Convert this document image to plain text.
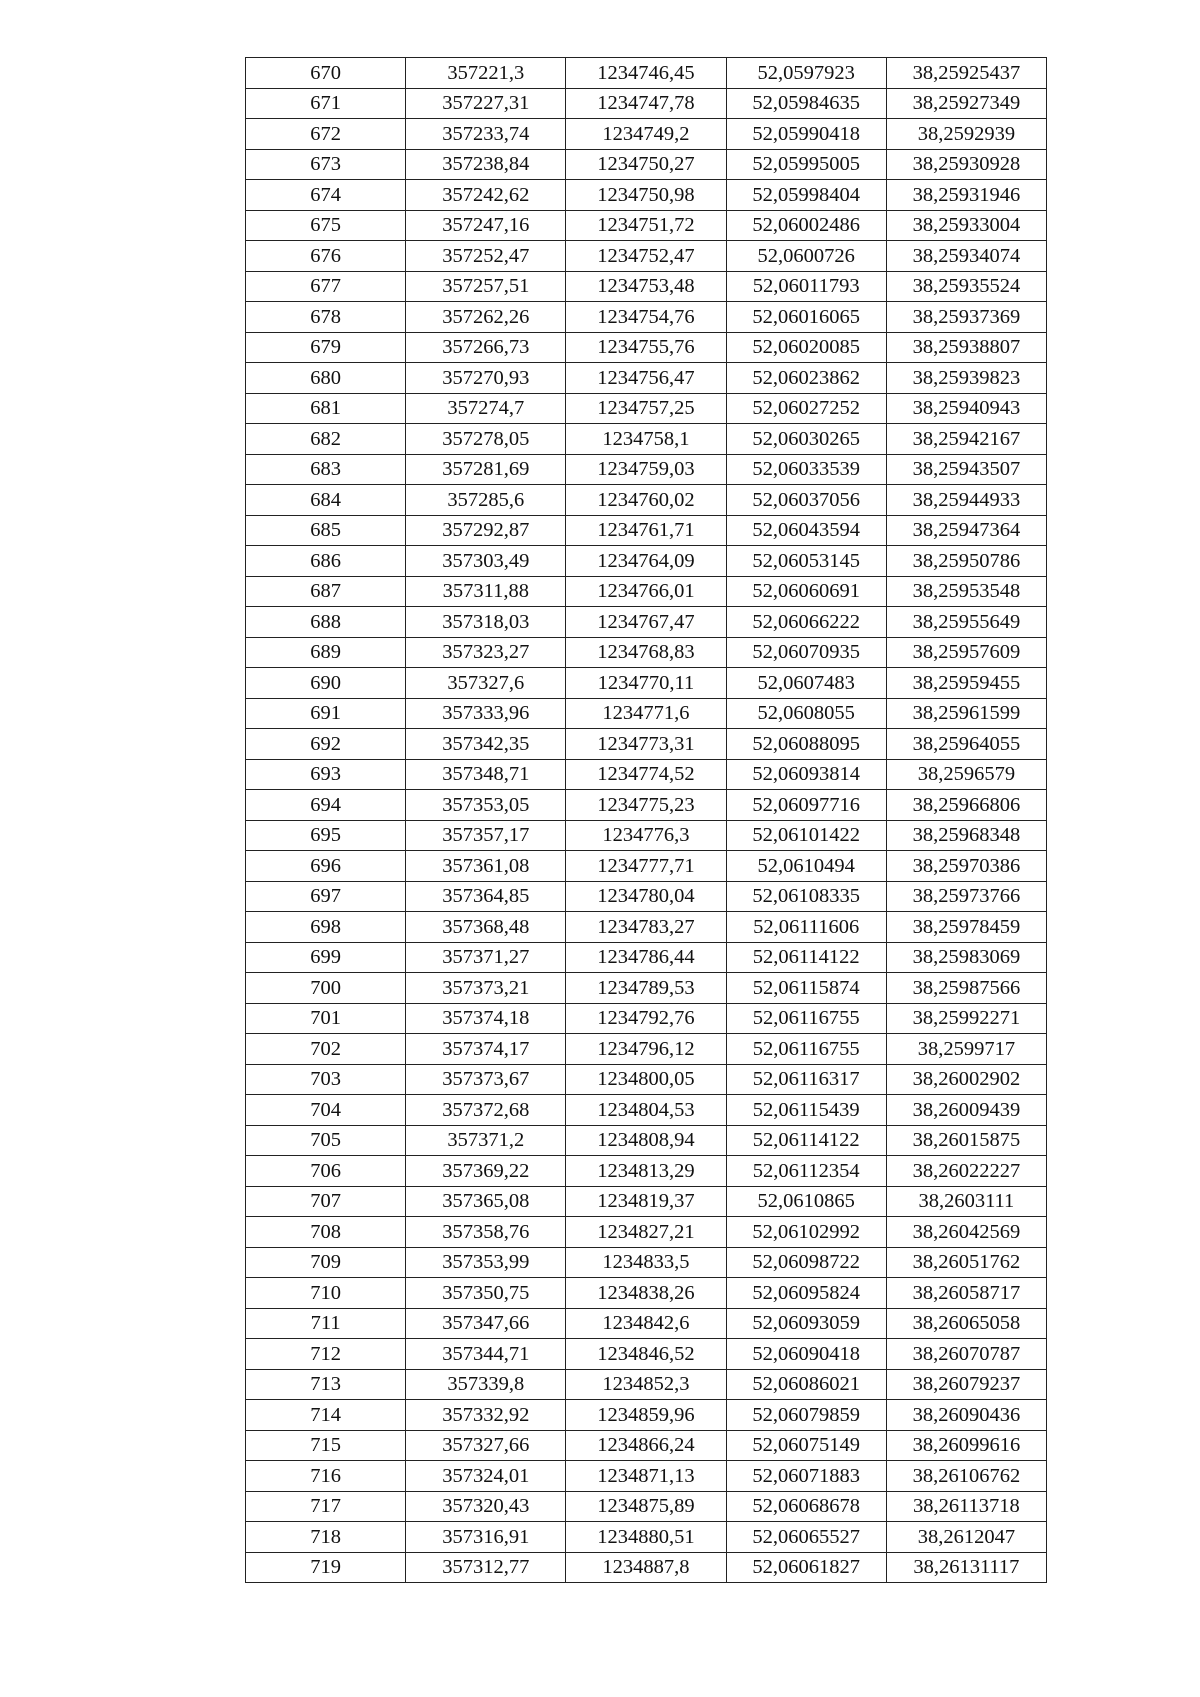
670	357221,3	1234746,45	52,0597923	38,25925437
671	357227,31	1234747,78	52,05984635	38,25927349
672	357233,74	1234749,2	52,05990418	38,2592939
673	357238,84	1234750,27	52,05995005	38,25930928
674	357242,62	1234750,98	52,05998404	38,25931946
675	357247,16	1234751,72	52,06002486	38,25933004
676	357252,47	1234752,47	52,0600726	38,25934074
677	357257,51	1234753,48	52,06011793	38,25935524
678	357262,26	1234754,76	52,06016065	38,25937369
679	357266,73	1234755,76	52,06020085	38,25938807
680	357270,93	1234756,47	52,06023862	38,25939823
681	357274,7	1234757,25	52,06027252	38,25940943
682	357278,05	1234758,1	52,06030265	38,25942167
683	357281,69	1234759,03	52,06033539	38,25943507
684	357285,6	1234760,02	52,06037056	38,25944933
685	357292,87	1234761,71	52,06043594	38,25947364
686	357303,49	1234764,09	52,06053145	38,25950786
687	357311,88	1234766,01	52,06060691	38,25953548
688	357318,03	1234767,47	52,06066222	38,25955649
689	357323,27	1234768,83	52,06070935	38,25957609
690	357327,6	1234770,11	52,0607483	38,25959455
691	357333,96	1234771,6	52,0608055	38,25961599
692	357342,35	1234773,31	52,06088095	38,25964055
693	357348,71	1234774,52	52,06093814	38,2596579
694	357353,05	1234775,23	52,06097716	38,25966806
695	357357,17	1234776,3	52,06101422	38,25968348
696	357361,08	1234777,71	52,0610494	38,25970386
697	357364,85	1234780,04	52,06108335	38,25973766
698	357368,48	1234783,27	52,06111606	38,25978459
699	357371,27	1234786,44	52,06114122	38,25983069
700	357373,21	1234789,53	52,06115874	38,25987566
701	357374,18	1234792,76	52,06116755	38,25992271
702	357374,17	1234796,12	52,06116755	38,2599717
703	357373,67	1234800,05	52,06116317	38,26002902
704	357372,68	1234804,53	52,06115439	38,26009439
705	357371,2	1234808,94	52,06114122	38,26015875
706	357369,22	1234813,29	52,06112354	38,26022227
707	357365,08	1234819,37	52,0610865	38,2603111
708	357358,76	1234827,21	52,06102992	38,26042569
709	357353,99	1234833,5	52,06098722	38,26051762
710	357350,75	1234838,26	52,06095824	38,26058717
711	357347,66	1234842,6	52,06093059	38,26065058
712	357344,71	1234846,52	52,06090418	38,26070787
713	357339,8	1234852,3	52,06086021	38,26079237
714	357332,92	1234859,96	52,06079859	38,26090436
715	357327,66	1234866,24	52,06075149	38,26099616
716	357324,01	1234871,13	52,06071883	38,26106762
717	357320,43	1234875,89	52,06068678	38,26113718
718	357316,91	1234880,51	52,06065527	38,2612047
719	357312,77	1234887,8	52,06061827	38,26131117
